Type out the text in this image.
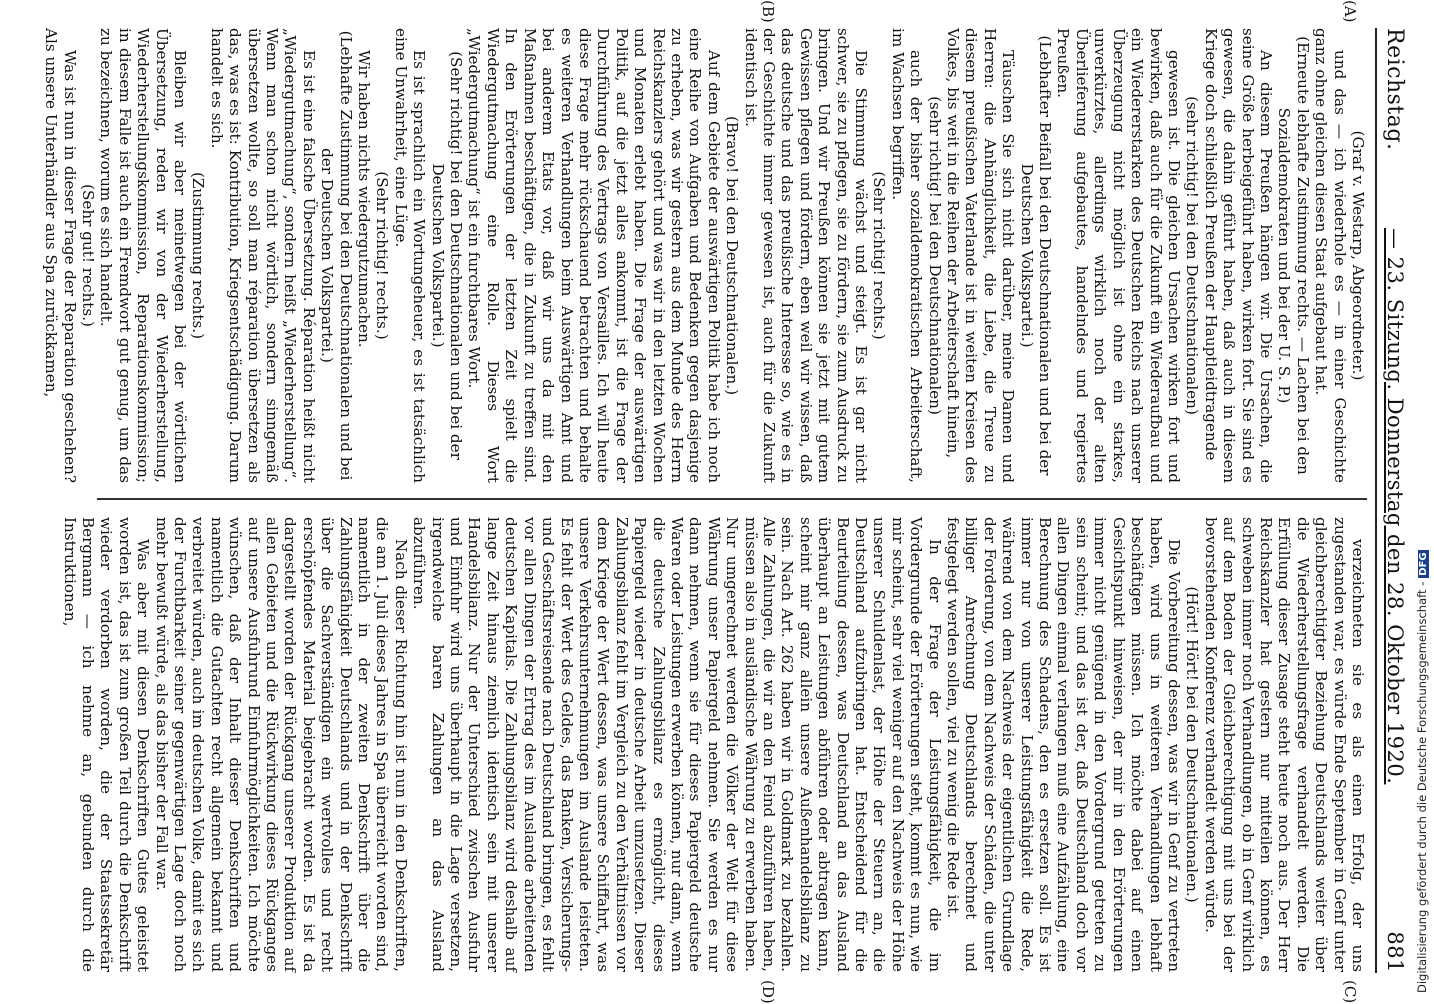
Reichstag.
— 23. Sitzung. Donnerstag den 28. Oktober 1920.
881
(A)
(B)
(C)
(D)

(Graf v. Westarp, Abgeordneter.)

und das — ich wiederhole es — in einer Geschichte ganz ohne gleichen diesen Staat aufgebaut hat.

(Erneute lebhafte Zustimmung rechts. — Lachen bei den Sozialdemokraten und bei der U. S. P.)

An diesem Preußen hängen wir. Die Ursachen, die seine Größe herbeigeführt haben, wirken fort. Sie sind es gewesen, die dahin geführt haben, daß auch in diesem Kriege doch schließlich Preußen der Hauptleidtragende

(sehr richtig! bei den Deutschnationalen)

gewesen ist. Die gleichen Ursachen wirken fort und bewirken, daß auch für die Zukunft ein Wiederaufbau und ein Wiedererstarken des Deutschen Reichs nach unserer Überzeugung nicht möglich ist ohne ein starkes, unverkürztes, allerdings wirklich noch der alten Überlieferung aufgebautes, handelndes und regiertes Preußen.

(Lebhafter Beifall bei den Deutschnationalen und bei der Deutschen Volkspartei.)

Täuschen Sie sich nicht darüber, meine Damen und Herren: die Anhänglichkeit, die Liebe, die Treue zu diesem preußischen Vaterlande ist in weiten Kreisen des Volkes, bis weit in die Reihen der Arbeiterschaft hinein,

(sehr richtig! bei den Deutschnationalen)

auch der bisher sozialdemokratischen Arbeiterschaft, im Wachsen begriffen.

(Sehr richtig! rechts.)

Die Stimmung wächst und steigt. Es ist gar nicht schwer, sie zu pflegen, sie zu fördern, sie zum Ausdruck zu bringen. Und wir Preußen können sie jetzt mit gutem Gewissen pflegen und fördern, eben weil wir wissen, daß das deutsche und das preußische Interesse so, wie es in der Geschichte immer gewesen ist, auch für die Zukunft identisch ist.

(Bravo! bei den Deutschnationalen.)

Auf dem Gebiete der auswärtigen Politik habe ich noch eine Reihe von Aufgaben und Bedenken gegen dasjenige zu erheben, was wir gestern aus dem Munde des Herrn Reichskanzlers gehört und was wir in den letzten Wochen und Monaten erlebt haben. Die Frage der auswärtigen Politik, auf die jetzt alles ankommt, ist die Frage der Durchführung des Vertrags von Versailles. Ich will heute diese Frage mehr rückschauend betrachten und behalte es weiteren Verhandlungen beim Auswärtigen Amt und bei anderem Etats vor, daß wir uns da mit den Maßnahmen beschäftigen, die in Zukunft zu treffen sind. In den Erörterungen der letzten Zeit spielt die Wiedergutmachung eine Rolle. Dieses Wort „Wiedergutmachung“ ist ein furchtbares Wort.

(Sehr richtig! bei den Deutschnationalen und bei der Deutschen Volkspartei.)

Es ist sprachlich ein Wortungeheuer, es ist tatsächlich eine Unwahrheit, eine Lüge.

(Sehr richtig! rechts.)

Wir haben nichts wiedergutzumachen.

(Lebhafte Zustimmung bei den Deutschnationalen und bei der Deutschen Volkspartei.)

Es ist eine falsche Übersetzung. Réparation heißt nicht „Wiedergutmachung“, sondern heißt „Wiederherstellung“. Wenn man schon nicht wörtlich, sondern sinngemäß übersetzen wollte, so soll man réparation übersetzen als das, was es ist: Kontribution, Kriegsentschädigung. Darum handelt es sich.

(Zustimmung rechts.)

Bleiben wir aber meinetwegen bei der wörtlichen Übersetzung, reden wir von der Wiederherstellung, Wiederherstellungskommission, Reparationskommission; in diesem Falle ist auch ein Fremdwort gut genug, um das zu bezeichnen, worum es sich handelt.

(Sehr gut! rechts.)

Was ist nun in dieser Frage der Reparation geschehen? Als unsere Unterhändler aus Spa zurückkamen,

verzeichneten sie es als einen Erfolg, der uns zugestanden war, es würde Ende September in Genf unter gleichberechtigter Beziehung Deutschlands weiter über die Wiederherstellungsfrage verhandelt werden. Die Erfüllung dieser Zusage steht heute noch aus. Der Herr Reichskanzler hat gestern nur mitteilen können, es schweben immer noch Verhandlungen, ob in Genf wirklich auf dem Boden der Gleichberechtigung mit uns bei der bevorstehenden Konferenz verhandelt werden würde.

(Hört! Hört! bei den Deutschnationalen.)

Die Vorbereitung dessen, was wir in Genf zu vertreten haben, wird uns in weiteren Verhandlungen lebhaft beschäftigen müssen. Ich möchte dabei auf einen Gesichtspunkt hinweisen, der mir in den Erörterungen immer nicht genügend in den Vordergrund getreten zu sein scheint; und das ist der, daß Deutschland doch vor allen Dingen einmal verlangen muß eine Aufzählung, eine Berechnung des Schadens, den es ersetzen soll. Es ist immer nur von unserer Leistungsfähigkeit die Rede, während von dem Nachweis der eigentlichen Grundlage der Forderung, von dem Nachweis der Schäden, die unter billiger Anrechnung Deutschlands berechnet und festgelegt werden sollen, viel zu wenig die Rede ist.

In der Frage der Leistungsfähigkeit, die im Vordergrunde der Erörterungen steht, kommt es nun, wie mir scheint, sehr viel weniger auf den Nachweis der Höhe unserer Schuldenlast, der Höhe der Steuern an, die Deutschland aufzubringen hat. Entscheidend für die Beurteilung dessen, was Deutschland an das Ausland überhaupt an Leistungen abführen oder abtragen kann, scheint mir ganz allein unsere Außenhandelsbilanz zu sein. Nach Art. 262 haben wir in Goldmark zu bezahlen. Alle Zahlungen, die wir an den Feind abzuführen haben, müssen also in ausländische Währung zu erwerben haben. Nur umgerechnet werden die Völker der Welt für diese Währung unser Papiergeld nehmen. Sie werden es nur dann nehmen, wenn sie für dieses Papiergeld deutsche Waren oder Leistungen erwerben können, nur dann, wenn die deutsche Zahlungsbilanz es ermöglicht, dieses Papiergeld wieder in deutsche Arbeit umzusetzen. Dieser Zahlungsbilanz fehlt im Vergleich zu den Verhältnissen vor dem Kriege der Wert dessen, was unsere Schiffahrt, was unsere Verkehrsunternehmungen im Auslande leisteten. Es fehlt der Wert des Geldes, das Banken, Versicherungs- und Geschäftsreisende nach Deutschland bringen, es fehlt vor allen Dingen der Ertrag des im Auslande arbeitenden deutschen Kapitals. Die Zahlungsbilanz wird deshalb auf lange Zeit hinaus ziemlich identisch sein mit unserer Handelsbilanz. Nur der Unterschied zwischen Ausfuhr und Einfuhr wird uns überhaupt in die Lage versetzen, irgendwelche baren Zahlungen an das Ausland abzuführen.

Nach dieser Richtung hin ist nun in den Denkschriften, die am 1. Juli dieses Jahres in Spa überreicht worden sind, namentlich in der zweiten Denkschrift über die Zahlungsfähigkeit Deutschlands und in der Denkschrift über die Sachverständigen ein wertvolles und recht erschöpfendes Material beigebracht worden. Es ist da dargestellt worden der Rückgang unserer Produktion auf allen Gebieten und die Rückwirkung dieses Rückganges auf unsere Ausfuhrund Einfuhrmöglichkeiten. Ich möchte wünschen, daß der Inhalt dieser Denkschriften und namentlich die Gutachten recht allgemein bekannt und verbreitet würden, auch im deutschen Volke, damit es sich der Furchtbarkeit seiner gegenwärtigen Lage doch noch mehr bewußt würde, als das bisher der Fall war.

Was aber mit diesen Denkschriften Gutes geleistet worden ist, das ist zum großen Teil durch die Denkschrift wieder verdorben worden, die der Staatssekretär Bergmann — ich nehme an, gebunden durch die Instruktionen,

Digitalisierung gefördert durch die Deutsche Forschungsgemeinschaft -DFG
